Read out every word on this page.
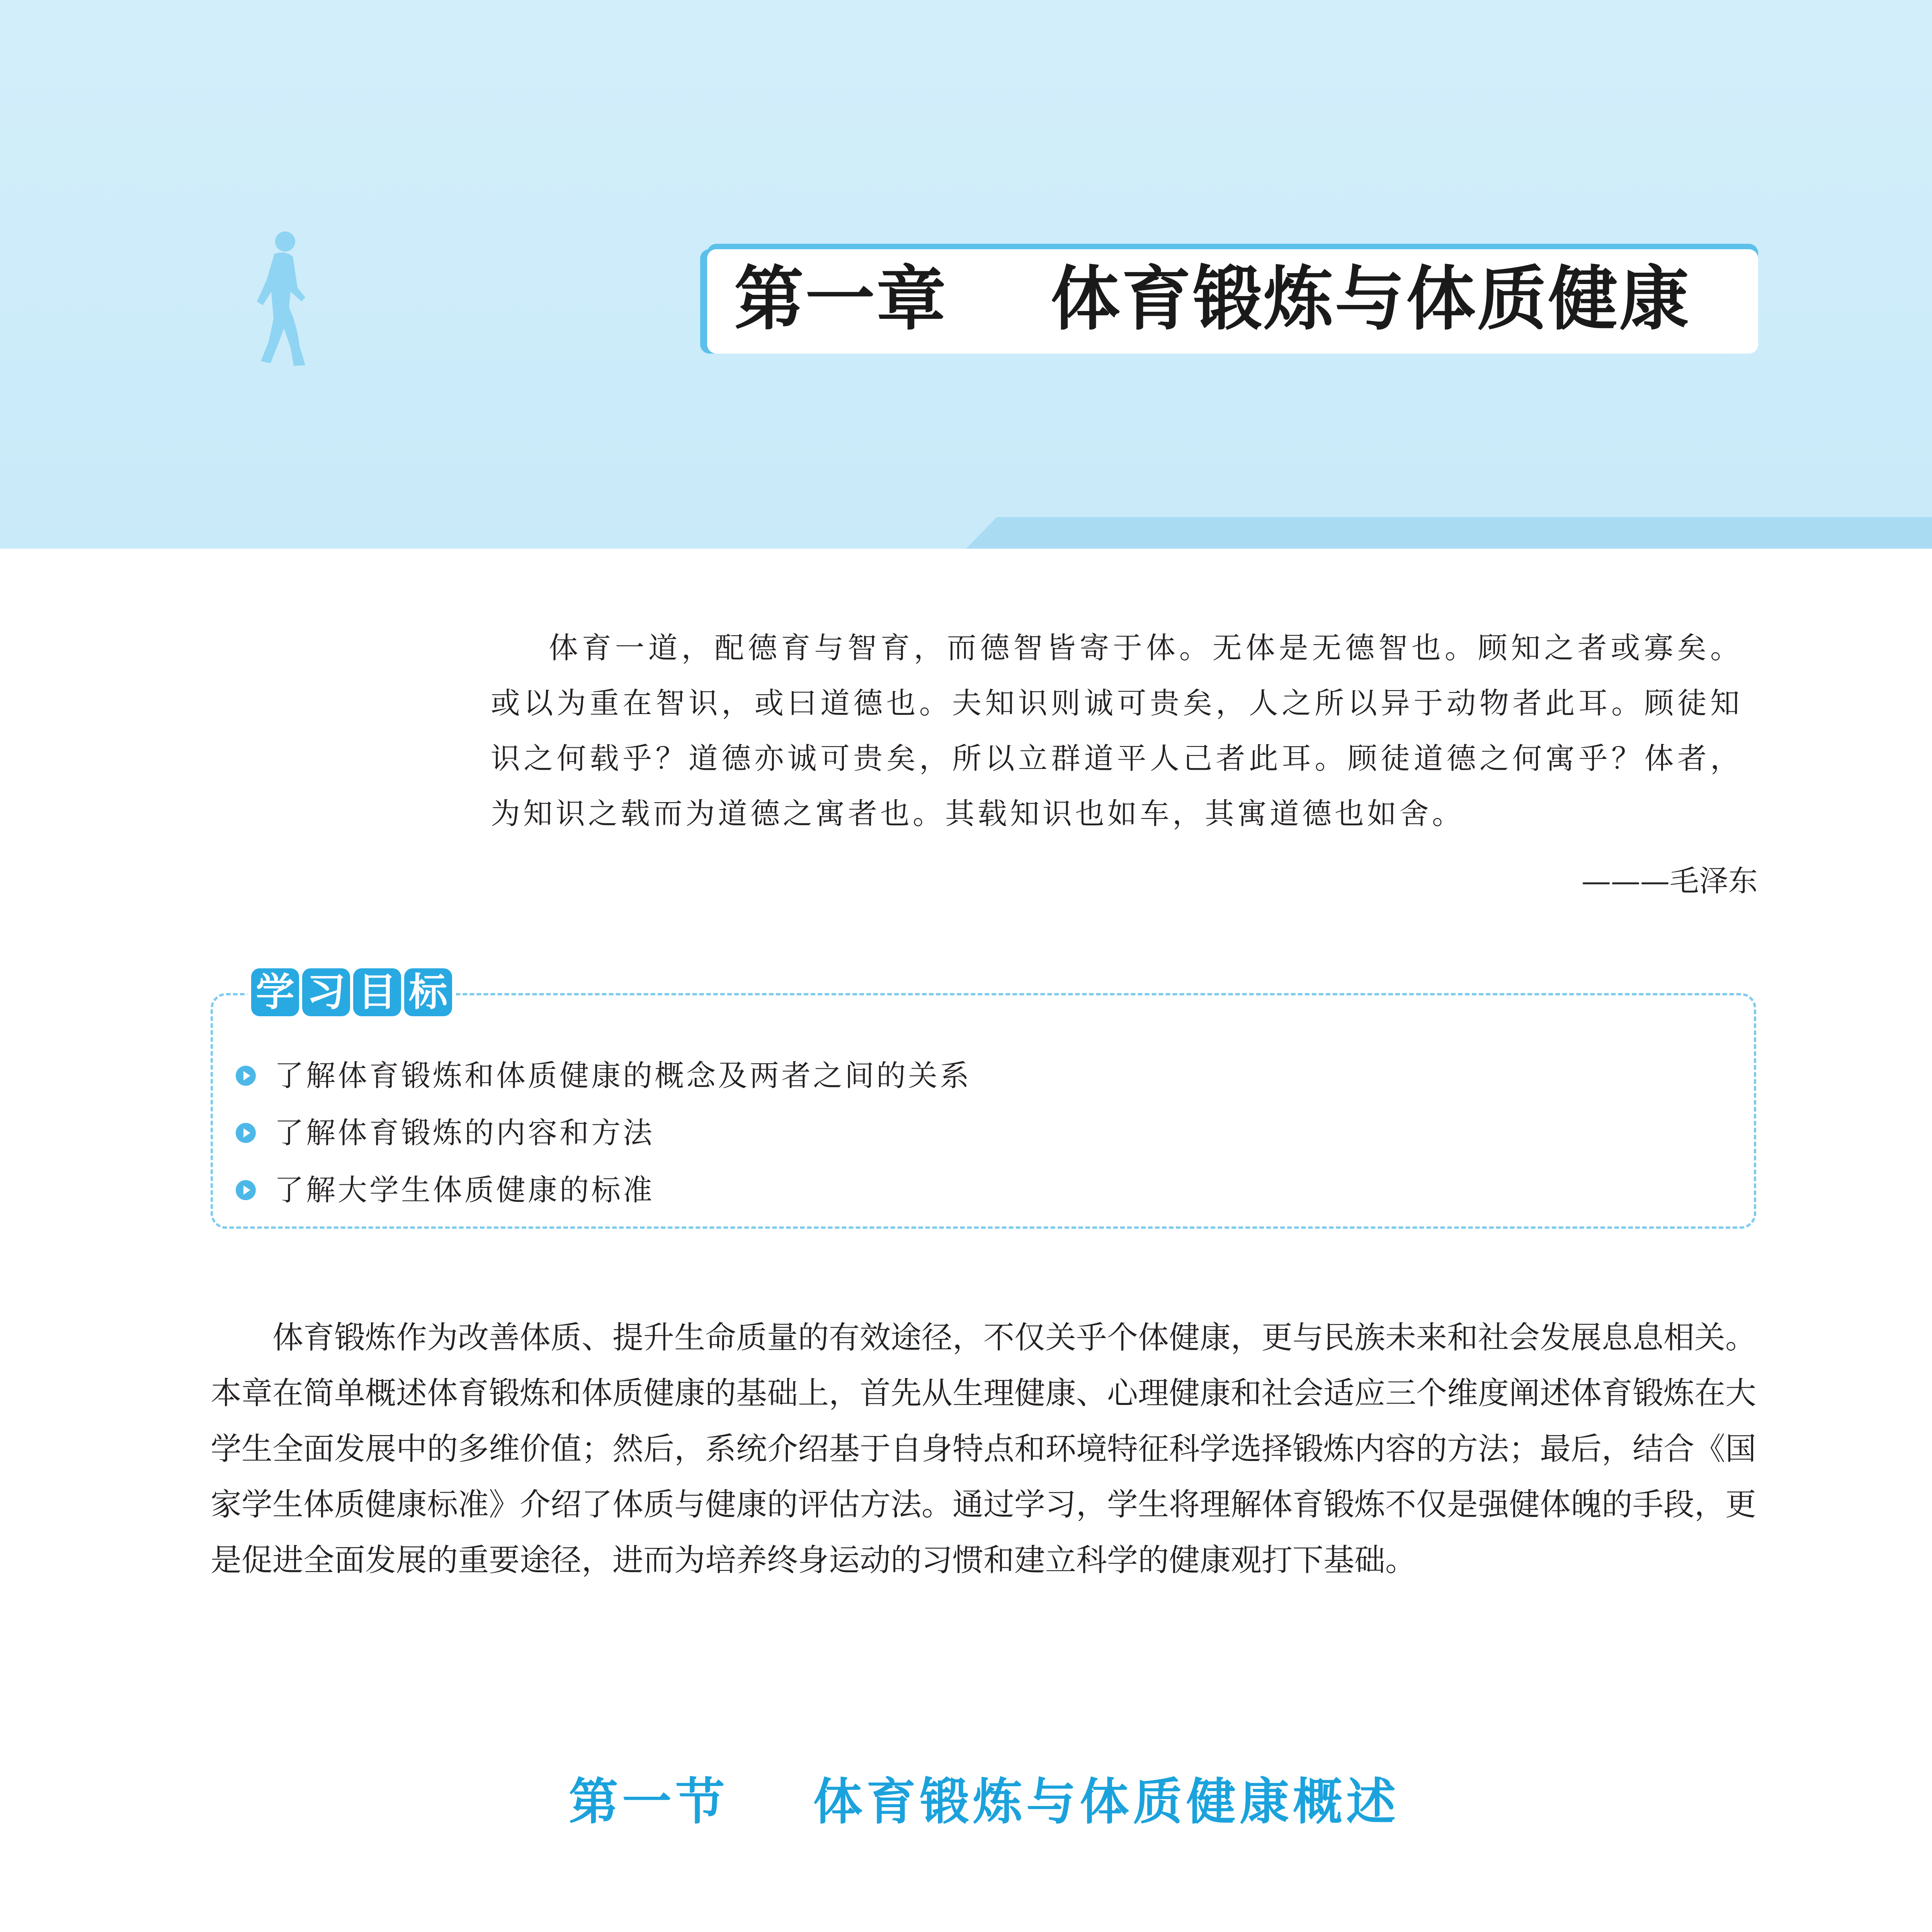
第一章    体育锻炼与体质健康

体育一道，配德育与智育，而德智皆寄于体。无体是无德智也。顾知之者或寡矣。或以为重在智识，或曰道德也。夫知识则诚可贵矣，人之所以异于动物者此耳。顾徒知识之何载乎？道德亦诚可贵矣，所以立群道平人己者此耳。顾徒道德之何寓乎？体者，为知识之载而为道德之寓者也。其载知识也如车，其寓道德也如舍。

———毛泽东
学 习 目 标
了解体育锻炼和体质健康的概念及两者之间的关系
了解体育锻炼的内容和方法
了解大学生体质健康的标准

体育锻炼作为改善体质、提升生命质量的有效途径，不仅关乎个体健康，更与民族未来和社会发展息息相关。本章在简单概述体育锻炼和体质健康的基础上，首先从生理健康、心理健康和社会适应三个维度阐述体育锻炼在大学生全面发展中的多维价值；然后，系统介绍基于自身特点和环境特征科学选择锻炼内容的方法；最后，结合《国家学生体质健康标准》介绍了体质与健康的评估方法。通过学习，学生将理解体育锻炼不仅是强健体魄的手段，更是促进全面发展的重要途径，进而为培养终身运动的习惯和建立科学的健康观打下基础。

第一节    体育锻炼与体质健康概述
